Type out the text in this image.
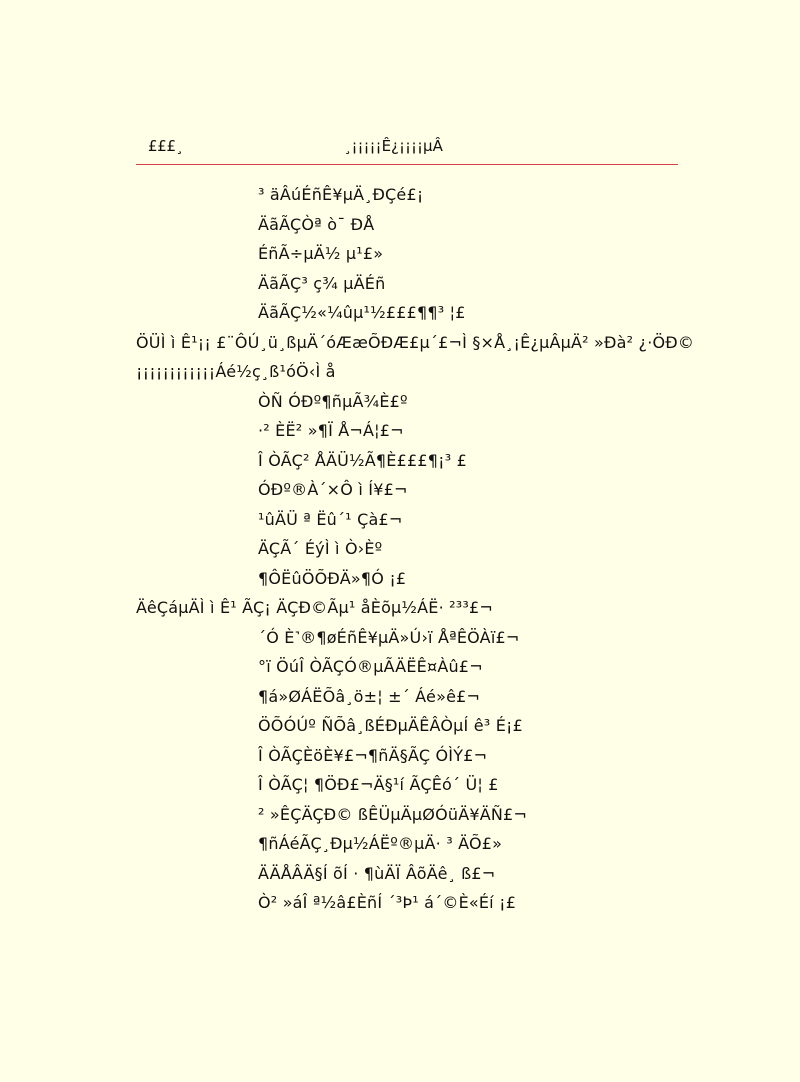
£££¸	¸¡¡¡¡¡Ê¿¡¡¡¡µÂ
³ äÂúÉñÊ¥µÄ¸ÐÇé£¡
ÄãÃÇÒª ò¯ ÐÅ
ÉñÃ÷µÄ½ µ¹£»
ÄãÃÇ³ ç¾ µÄÉñ
ÄãÃÇ½«¼ûµ¹½£££¶¶³ ¦£
ÖÜÌ ì Ê¹¡¡ £¨ÔÚ¸ü¸ßµÄ´óÆæÕÐÆ£µ´£¬Ì §×Å¸¡Ê¿µÂµÄ² »Ðà² ¿·ÖÐ©
¡¡¡¡¡¡¡¡¡¡¡¡Áé½ç¸ß¹óÖ‹Ì å
ÒÑ ÓÐº¶ñµÃ¾È£º
·² ÈË² »¶Ï Å¬Á¦£¬
Î ÒÃÇ² ÅÄÜ½Ã¶È£££¶¡³ £
ÓÐº®À´×Ô ì Í¥£¬
¹ûÄÜ ª Ëû´¹ Çà£¬
ÄÇÃ´ ÉýÌ ì Ò›Èº
¶ÔËûÖÕÐÄ»¶Ó ¡£
ÄêÇáµÄÌ ì Ê¹ ÃÇ¡ ÄÇÐ©Ãµ¹ åÈõµ½ÁË· ²³³£¬
´Ó È˺®¶øÉñÊ¥µÄ»Ú›ï ÅªÊÖÀï£¬
°ï ÖúÎ ÒÃÇÓ®µÃÄËÊ¤Àû£¬
¶á»ØÁËÕâ¸ö±¦ ±´ Áé»ê£¬
ÖÕÓÚº ÑÕâ¸ßÉÐµÄÊÂÒµÍ ê³ É¡£
Î ÒÃÇÈöÈ¥£¬¶ñÄ§ÃÇ ÓÌÝ£¬
Î ÒÃÇ¦ ¶ÖÐ£¬Ä§¹í ÃÇÊó´ Ü¦ £
² »ÊÇÄÇÐ© ßÊÜµÄµØÓüÄ¥ÄÑ£¬
¶ñÁéÃÇ¸Ðµ½ÁËº®µÄ· ³ ÄÕ£»
ÄÄÅÂÄ§Í õÍ · ¶ùÄÏ ÂõÄê¸ ß£¬
Ò² »áÎ ª½â£ÈñÍ ´³Þ¹ á´©È«Éí ¡£
